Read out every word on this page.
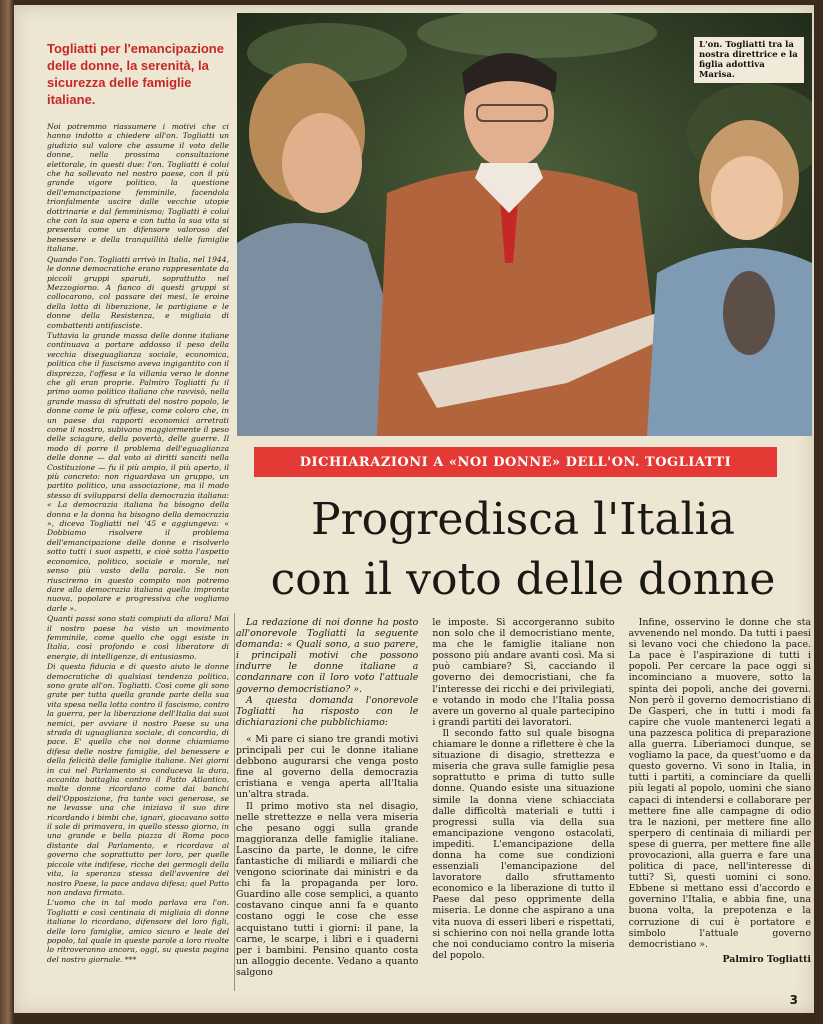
Togliatti per l'emancipazione delle donne, la serenità, la sicurezza delle famiglie italiane.

Noi potremmo riassumere i motivi che ci hanno indotto a chiedere all'on. Togliatti un giudizio sul valore che assume il voto delle donne, nella prossima consultazione elettorale, in questi due: l'on. Togliatti è colui che ha sollevato nel nostro paese, con il più grande vigore politico, la questione dell'emancipazione femminile, facendola trionfalmente uscire dalle vecchie utopie dottrinarie e dal femminismo; Togliatti è colui che con la sua opera e con tutta la sua vita si presenta come un difensore valoroso del benessere e della tranquillità delle famiglie italiane.

Quando l'on. Togliatti arrivò in Italia, nel 1944, le donne democratiche erano rappresentate da piccoli gruppi sparuti, soprattutto nel Mezzogiorno. A fianco di questi gruppi si collocarono, col passare dei mesi, le eroine della lotta di liberazione, le partigiane e le donne della Resistenza, e migliaia di combattenti antifasciste.

Tuttavia la grande massa delle donne italiane continuava a portare addosso il peso della vecchia diseguaglianza sociale, economica, politica che il fascismo aveva ingigantito con il disprezzo, l'offesa e la villania verso le donne che gli eran proprie. Palmiro Togliatti fu il primo uomo politico italiano che ravvisò, nella grande massa di sfruttati del nostro popolo, le donne come le più offese, come coloro che, in un paese dai rapporti economici arretrati come il nostro, subivano maggiormente il peso delle sciagure, della povertà, delle guerre. Il modo di porre il problema dell'eguaglianza delle donne — dal voto ai diritti sanciti nella Costituzione — fu il più ampio, il più aperto, il più concreto: non riguardava un gruppo, un partito politico, una associazione, ma il modo stesso di svilupparsi della democrazia italiana: « La democrazia italiana ha bisogno della donna e la donna ha bisogno della democrazia », diceva Togliatti nel '45 e aggiungeva: « Dobbiamo risolvere il problema dell'emancipazione delle donne e risolverlo sotto tutti i suoi aspetti, e cioè sotto l'aspetto economico, politico, sociale e morale, nel senso più vasto della parola. Se non riusciremo in questo compito non potremo dare alla democrazia italiana quella impronta nuova, popolare e progressiva che vogliamo darle ».

Quanti passi sono stati compiuti da allora! Mai il nostro paese ha visto un movimento femminile, come quello che oggi esiste in Italia, così profondo e così liberatore di energie, di intelligenze, di entusiasmo.

Di questa fiducia e di questo aiuto le donne democratiche di qualsiasi tendenza politica, sono grate all'on. Togliatti. Così come gli sono grate per tutta quella grande parte della sua vita spesa nella lotta contro il fascismo, contro la guerra, per la liberazione dell'Italia dai suoi nemici, per avviare il nostro Paese su una strada di uguaglianza sociale, di concordia, di pace. E' quello che noi donne chiamiamo difesa delle nostre famiglie, del benessere e della felicità delle famiglie italiane. Nei giorni in cui nel Parlamento si conduceva la dura, accanita battaglia contro il Patto Atlantico, molte donne ricordano come dai banchi dell'Opposizione, fra tante voci generose, se ne levasse una che iniziava il suo dire ricordando i bimbi che, ignari, giocavano sotto il sole di primavera, in quello stesso giorno, in una grande e bella piazza di Roma poco distante dal Parlamento, e ricordava al governo che soprattutto per loro, per quelle piccole vite indifese, ricche dei germogli della vita, la speranza stessa dell'avvenire del nostro Paese, la pace andava difesa; quel Patto non andava firmato.

L'uomo che in tal modo parlava era l'on. Togliatti e così centinaia di migliaia di donne italiane lo ricordano, difensore del loro figli, delle loro famiglie, amico sicuro e leale del popolo, tal quale in queste parole a loro rivolte lo ritroveranno ancora, oggi, su questa pagina del nostro giornale. ***

L'on. Togliatti tra la nostra direttrice e la figlia adottiva Marisa.
DICHIARAZIONI A «NOI DONNE» DELL'ON. TOGLIATTI
Progredisca l'Italia
con il voto delle donne

La redazione di noi donne ha posto all'onorevole Togliatti la seguente domanda: « Quali sono, a suo parere, i principali motivi che possono indurre le donne italiane a condannare con il loro voto l'attuale governo democristiano? ».

A questa domanda l'onorevole Togliatti ha risposto con le dichiarazioni che pubblichiamo:

« Mi pare ci siano tre grandi motivi principali per cui le donne italiane debbono augurarsi che venga posto fine al governo della democrazia cristiana e venga aperta all'Italia un'altra strada.

Il primo motivo sta nel disagio, nelle strettezze e nella vera miseria che pesano oggi sulla grande maggioranza delle famiglie italiane. Lascino da parte, le donne, le cifre fantastiche di miliardi e miliardi che vengono sciorinate dai ministri e da chi fa la propaganda per loro. Guardino alle cose semplici, a quanto costavano cinque anni fa e quanto costano oggi le cose che esse acquistano tutti i giorni: il pane, la carne, le scarpe, i libri e i quaderni per i bambini. Pensino quanto costa un alloggio decente. Vedano a quanto salgono

le imposte. Si accorgeranno subito non solo che il democristiano mente, ma che le famiglie italiane non possono più andare avanti così. Ma si può cambiare? Sì, cacciando il governo dei democristiani, che fa l'interesse dei ricchi e dei privilegiati, e votando in modo che l'Italia possa avere un governo al quale partecipino i grandi partiti dei lavoratori.

Il secondo fatto sul quale bisogna chiamare le donne a riflettere è che la situazione di disagio, strettezza e miseria che grava sulle famiglie pesa soprattutto e prima di tutto sulle donne. Quando esiste una situazione simile la donna viene schiacciata dalle difficoltà materiali e tutti i progressi sulla via della sua emancipazione vengono ostacolati, impediti. L'emancipazione della donna ha come sue condizioni essenziali l'emancipazione del lavoratore dallo sfruttamento economico e la liberazione di tutto il Paese dal peso opprimente della miseria. Le donne che aspirano a una vita nuova di esseri liberi e rispettati, si schierino con noi nella grande lotta che noi conduciamo contro la miseria del popolo.

Infine, osservino le donne che sta avvenendo nel mondo. Da tutti i paesi si levano voci che chiedono la pace. La pace è l'aspirazione di tutti i popoli. Per cercare la pace oggi si incominciano a muovere, sotto la spinta dei popoli, anche dei governi. Non però il governo democristiano di De Gasperi, che in tutti i modi fa capire che vuole mantenerci legati a una pazzesca politica di preparazione alla guerra. Liberiamoci dunque, se vogliamo la pace, da quest'uomo e da questo governo. Vi sono in Italia, in tutti i partiti, a cominciare da quelli più legati al popolo, uomini che siano capaci di intendersi e collaborare per mettere fine alle campagne di odio tra le nazioni, per mettere fine allo sperpero di centinaia di miliardi per spese di guerra, per mettere fine alle provocazioni, alla guerra e fare una politica di pace, nell'interesse di tutti? Sì, questi uomini ci sono. Ebbene si mettano essi d'accordo e governino l'Italia, e abbia fine, una buona volta, la prepotenza e la corruzione di cui è portatore e simbolo l'attuale governo democristiano ».

Palmiro Togliatti
3
